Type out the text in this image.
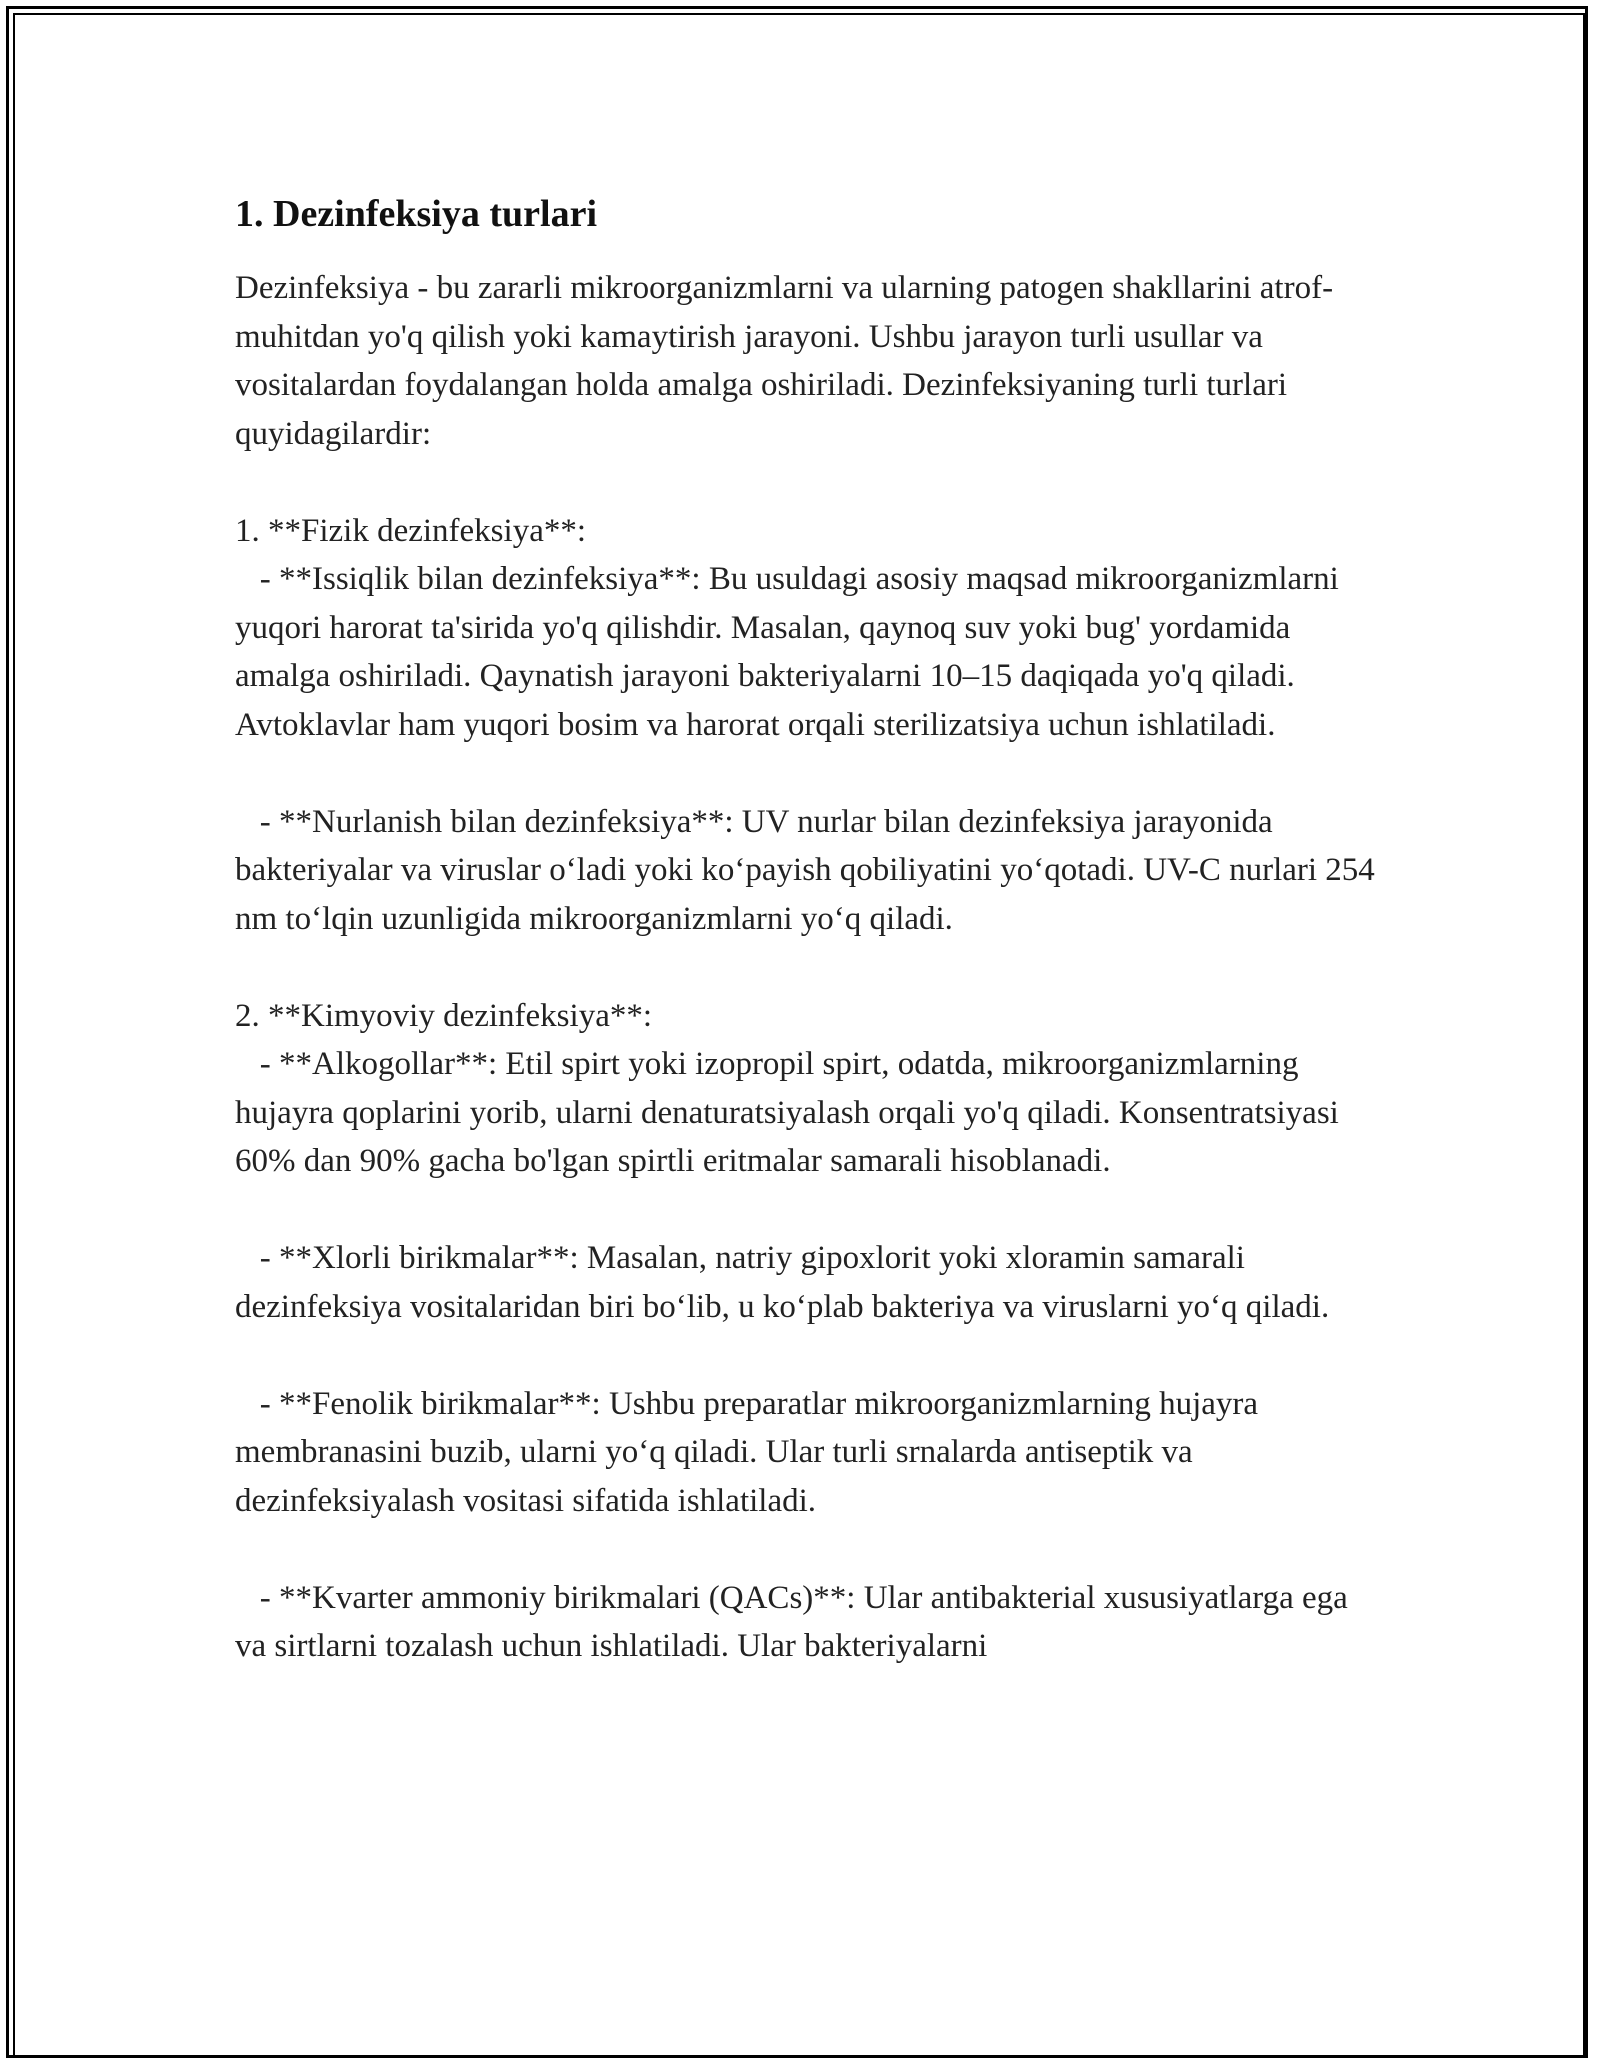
1. Dezinfeksiya turlari

Dezinfeksiya - bu zararli mikroorganizmlarni va ularning patogen shakllarini atrof-muhitdan yo'q qilish yoki kamaytirish jarayoni. Ushbu jarayon turli usullar va vositalardan foydalangan holda amalga oshiriladi. Dezinfeksiyaning turli turlari quyidagilardir:

1. **Fizik dezinfeksiya**:

- **Issiqlik bilan dezinfeksiya**: Bu usuldagi asosiy maqsad mikroorganizmlarni yuqori harorat ta'sirida yo'q qilishdir. Masalan, qaynoq suv yoki bug' yordamida amalga oshiriladi. Qaynatish jarayoni bakteriyalarni 10–15 daqiqada yo'q qiladi. Avtoklavlar ham yuqori bosim va harorat orqali sterilizatsiya uchun ishlatiladi.

- **Nurlanish bilan dezinfeksiya**: UV nurlar bilan dezinfeksiya jarayonida bakteriyalar va viruslar o‘ladi yoki ko‘payish qobiliyatini yo‘qotadi. UV-C nurlari 254 nm to‘lqin uzunligida mikroorganizmlarni yo‘q qiladi.

2. **Kimyoviy dezinfeksiya**:

- **Alkogollar**: Etil spirt yoki izopropil spirt, odatda, mikroorganizmlarning hujayra qoplarini yorib, ularni denaturatsiyalash orqali yo'q qiladi. Konsentratsiyasi 60% dan 90% gacha bo'lgan spirtli eritmalar samarali hisoblanadi.

- **Xlorli birikmalar**: Masalan, natriy gipoxlorit yoki xloramin samarali dezinfeksiya vositalaridan biri bo‘lib, u ko‘plab bakteriya va viruslarni yo‘q qiladi.

- **Fenolik birikmalar**: Ushbu preparatlar mikroorganizmlarning hujayra membranasini buzib, ularni yo‘q qiladi. Ular turli srnalarda antiseptik va dezinfeksiyalash vositasi sifatida ishlatiladi.

- **Kvarter ammoniy birikmalari (QACs)**: Ular antibakterial xususiyatlarga ega va sirtlarni tozalash uchun ishlatiladi. Ular bakteriyalarni
